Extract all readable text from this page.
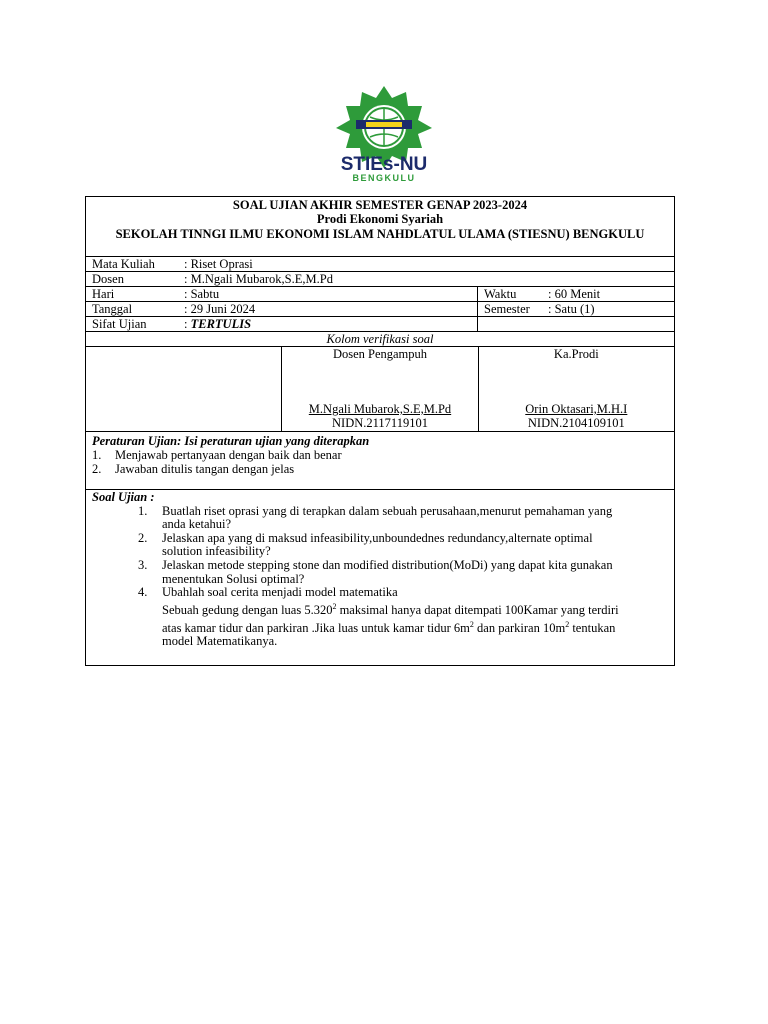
STIEs-NU
BENGKULU
SOAL UJIAN AKHIR SEMESTER GENAP 2023-2024
Prodi Ekonomi Syariah
SEKOLAH TINNGI ILMU EKONOMI ISLAM NAHDLATUL ULAMA (STIESNU) BENGKULU
Mata Kuliah	: Riset Oprasi
Dosen	: M.Ngali Mubarok,S.E,M.Pd
Hari	: Sabtu	Waktu	: 60 Menit
Tanggal	: 29 Juni 2024	Semester	: Satu (1)
Sifat Ujian	: TERTULIS
Kolom verifikasi soal
Dosen Pengampuh
M.Ngali Mubarok,S.E,M.Pd
NIDN.2117119101
Ka.Prodi
Orin Oktasari,M.H.I
NIDN.2104109101
Peraturan Ujian: Isi peraturan ujian yang diterapkan
1.	Menjawab pertanyaan dengan baik dan benar
2.	Jawaban ditulis tangan dengan jelas
Soal Ujian :
1.	Buatlah riset oprasi yang di terapkan dalam sebuah perusahaan,menurut pemahaman yang anda ketahui?
2.	Jelaskan apa yang di maksud infeasibility,unboundednes redundancy,alternate optimal solution infeasibility?
3.	Jelaskan metode stepping stone dan modified distribution(MoDi) yang dapat kita gunakan menentukan Solusi optimal?
4.	Ubahlah soal cerita menjadi model matematika
Sebuah gedung dengan luas 5.320$^2$ maksimal hanya dapat ditempati 100Kamar yang terdiri atas kamar tidur dan parkiran .Jika luas untuk kamar tidur $6m^2$ dan parkiran $10m^2$ tentukan model Matematikanya.
